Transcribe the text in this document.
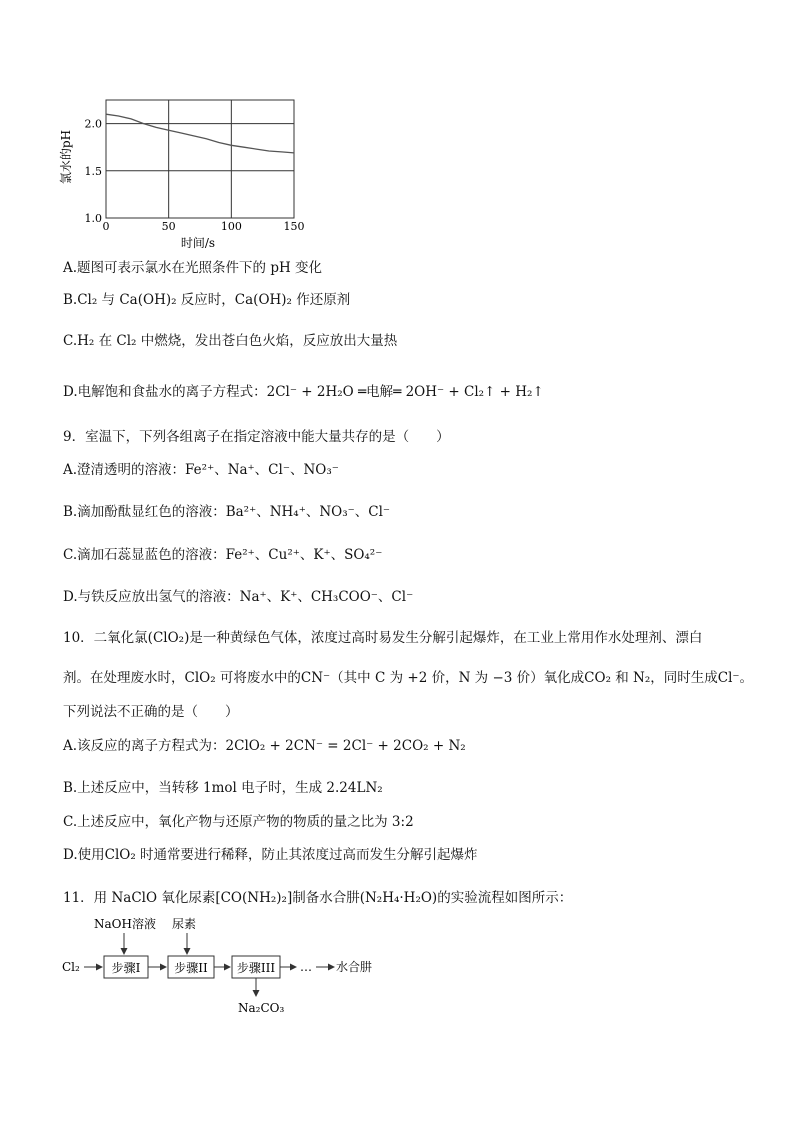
0	50	100	150
1.0
1.5
2.0
氯水的pH
时间/s
A.题图可表示氯水在光照条件下的 pH 变化
B.Cl₂ 与 Ca(OH)₂ 反应时，Ca(OH)₂ 作还原剂
C.H₂ 在 Cl₂ 中燃烧，发出苍白色火焰，反应放出大量热
D.电解饱和食盐水的离子方程式：2Cl⁻ + 2H₂O ═电解═ 2OH⁻ + Cl₂↑ + H₂↑
9．室温下，下列各组离子在指定溶液中能大量共存的是（　　）
A.澄清透明的溶液：Fe²⁺、Na⁺、Cl⁻、NO₃⁻
B.滴加酚酞显红色的溶液：Ba²⁺、NH₄⁺、NO₃⁻、Cl⁻
C.滴加石蕊显蓝色的溶液：Fe²⁺、Cu²⁺、K⁺、SO₄²⁻
D.与铁反应放出氢气的溶液：Na⁺、K⁺、CH₃COO⁻、Cl⁻
10．二氧化氯(ClO₂)是一种黄绿色气体，浓度过高时易发生分解引起爆炸，在工业上常用作水处理剂、漂白
剂。在处理废水时，ClO₂ 可将废水中的CN⁻（其中 C 为 +2 价，N 为 −3 价）氧化成CO₂ 和 N₂，同时生成Cl⁻。
下列说法不正确的是（　　）
A.该反应的离子方程式为：2ClO₂ + 2CN⁻ = 2Cl⁻ + 2CO₂ + N₂
B.上述反应中，当转移 1mol 电子时，生成 2.24LN₂
C.上述反应中，氧化产物与还原产物的物质的量之比为 3:2
D.使用ClO₂ 时通常要进行稀释，防止其浓度过高而发生分解引起爆炸
11．用 NaClO 氧化尿素[CO(NH₂)₂]制备水合肼(N₂H₄·H₂O)的实验流程如图所示：
Cl₂
NaOH溶液 尿素
步骤I	步骤II 步骤III … 水合肼
Na₂CO₃
